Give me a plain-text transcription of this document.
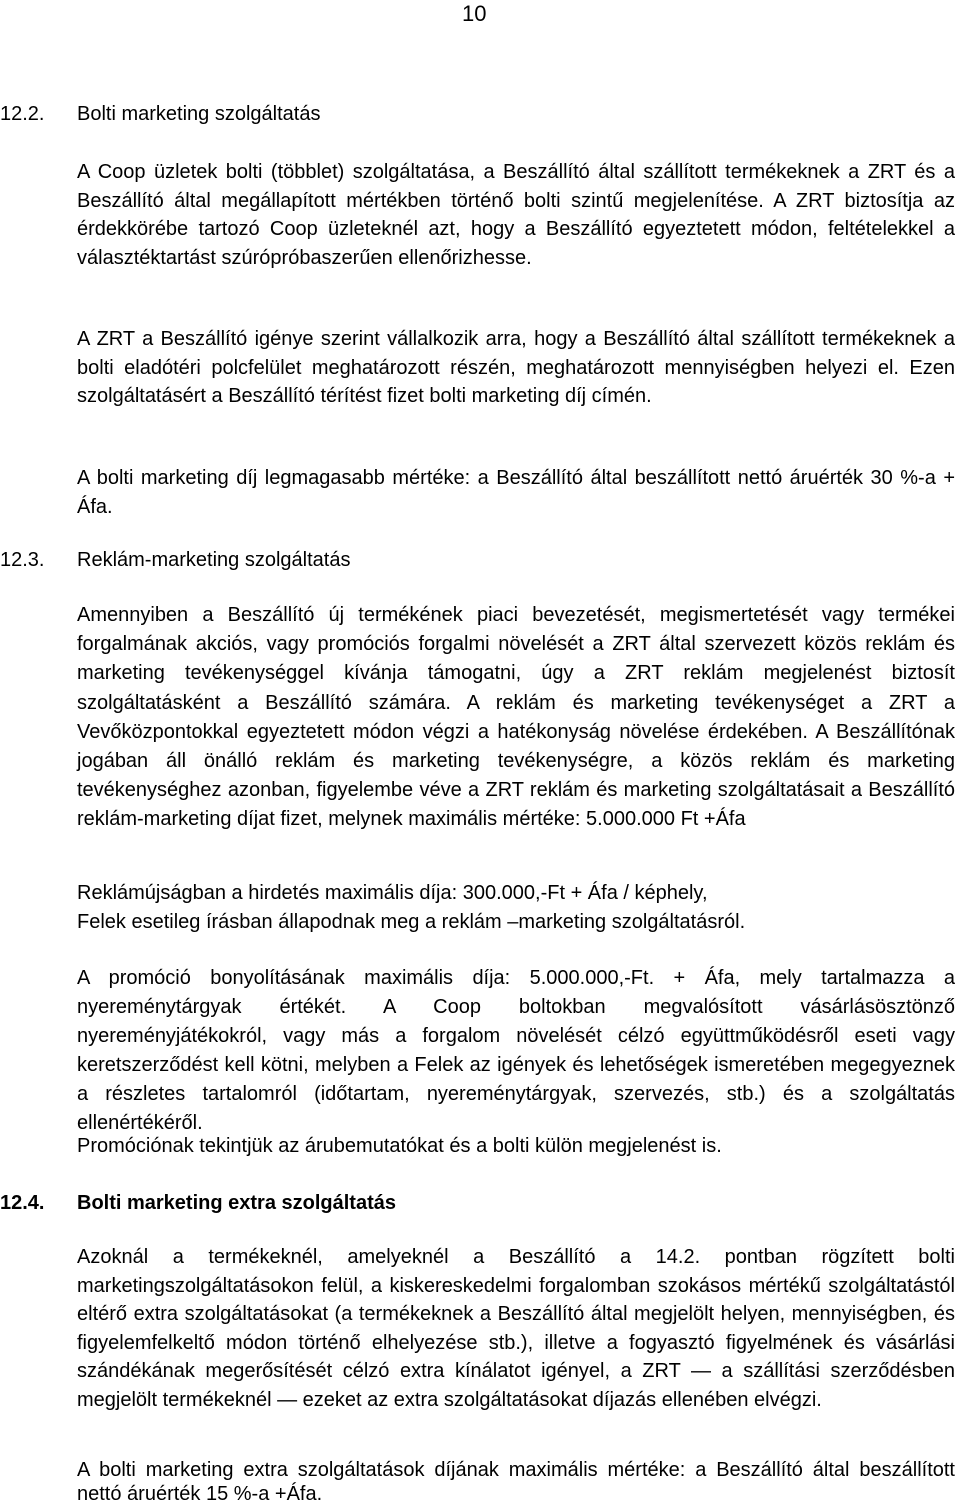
10
12.2. Bolti marketing szolgáltatás
A Coop üzletek bolti (többlet) szolgáltatása, a Beszállító által szállított termékeknek a ZRT és a Beszállító által megállapított mértékben történő bolti szintű megjelenítése. A ZRT biztosítja az érdekkörébe tartozó Coop üzleteknél azt, hogy a Beszállító egyeztetett módon, feltételekkel a választéktartást szúrópróbaszerűen ellenőrizhesse.
A ZRT a Beszállító igénye szerint vállalkozik arra, hogy a Beszállító által szállított termékeknek a bolti eladótéri polcfelület meghatározott részén, meghatározott mennyiségben helyezi el. Ezen szolgáltatásért a Beszállító térítést fizet bolti marketing díj címén.
A bolti marketing díj legmagasabb mértéke: a Beszállító által beszállított nettó áruérték 30 %-a + Áfa.
12.3. Reklám-marketing szolgáltatás
Amennyiben a Beszállító új termékének piaci bevezetését, megismertetését vagy termékei forgalmának akciós, vagy promóciós forgalmi növelését a ZRT által szervezett közös reklám és marketing tevékenységgel kívánja támogatni, úgy a ZRT reklám megjelenést biztosít szolgáltatásként a Beszállító számára. A reklám és marketing tevékenységet a ZRT a Vevőközpontokkal egyeztetett módon végzi a hatékonyság növelése érdekében. A Beszállítónak jogában áll önálló reklám és marketing tevékenységre, a közös reklám és marketing tevékenységhez azonban, figyelembe véve a ZRT reklám és marketing szolgáltatásait a Beszállító reklám-marketing díjat fizet, melynek maximális mértéke: 5.000.000 Ft +Áfa
Reklámújságban a hirdetés maximális díja: 300.000,-Ft + Áfa / képhely,
Felek esetileg írásban állapodnak meg a reklám –marketing szolgáltatásról.
A promóció bonyolításának maximális díja: 5.000.000,-Ft. + Áfa, mely tartalmazza a nyereménytárgyak értékét. A Coop boltokban megvalósított vásárlásösztönző nyereményjátékokról, vagy más a forgalom növelését célzó együttműködésről eseti vagy keretszerződést kell kötni, melyben a Felek az igények és lehetőségek ismeretében megegyeznek a részletes tartalomról (időtartam, nyereménytárgyak, szervezés, stb.) és a szolgáltatás ellenértékéről.
Promóciónak tekintjük az árubemutatókat és a bolti külön megjelenést is.
12.4. Bolti marketing extra szolgáltatás
Azoknál a termékeknél, amelyeknél a Beszállító a 14.2. pontban rögzített bolti marketingszolgáltatásokon felül, a kiskereskedelmi forgalomban szokásos mértékű szolgáltatástól eltérő extra szolgáltatásokat (a termékeknek a Beszállító által megjelölt helyen, mennyiségben, és figyelemfelkeltő módon történő elhelyezése stb.), illetve a fogyasztó figyelmének és vásárlási szándékának megerősítését célzó extra kínálatot igényel, a ZRT — a szállítási szerződésben megjelölt termékeknél — ezeket az extra szolgáltatásokat díjazás ellenében elvégzi.
A bolti marketing extra szolgáltatások díjának maximális mértéke: a Beszállító által beszállított nettó áruérték 15 %-a +Áfa.
